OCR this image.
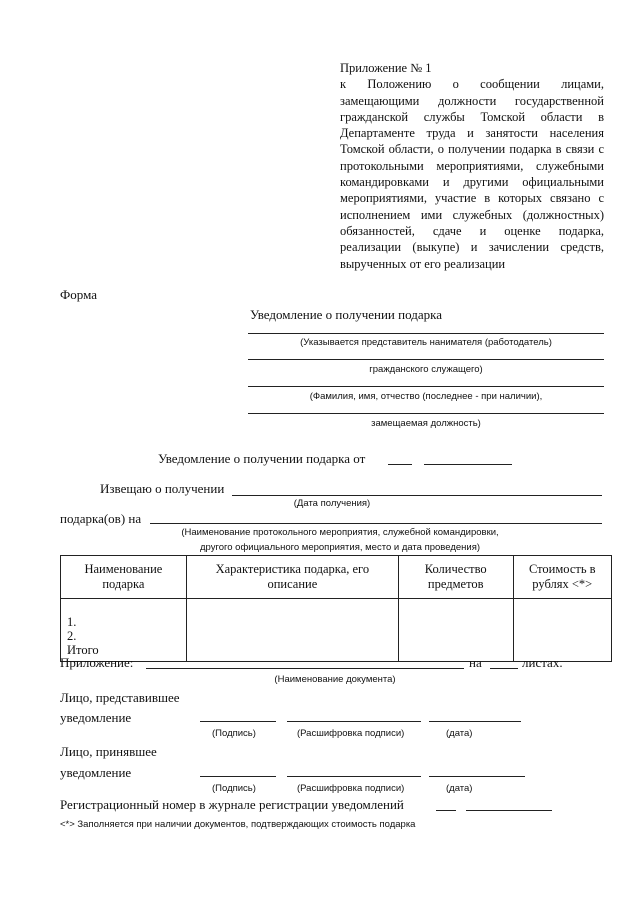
Приложение № 1

к Положению о сообщении лицами, замещающими должности государственной гражданской службы Томской области в Департаменте труда и занятости населения Томской области, о получении подарка в связи с протокольными мероприятиями, служебными командировками и другими официальными мероприятиями, участие в которых связано с исполнением ими служебных (должностных) обязанностей, сдаче и оценке подарка, реализации (выкупе) и зачислении средств, вырученных от его реализации

Форма
Уведомление о получении подарка
(Указывается представитель нанимателя (работодатель)
гражданского служащего)
(Фамилия, имя, отчество (последнее - при наличии),
замещаемая должность)
Уведомление о получении подарка от
Извещаю о получении
(Дата получения)
подарка(ов) на
(Наименование протокольного мероприятия, служебной командировки,
другого официального мероприятия, место и дата проведения)
Наименование подарка	Характеристика подарка, его описание	Количество предметов	Стоимость в рублях <*>

1.
2.
Итого			

Приложение:	на	листах.
(Наименование документа)
Лицо, представившее
уведомление
(Подпись)	(Расшифровка подписи)	(дата)
Лицо, принявшее
уведомление
(Подпись)	(Расшифровка подписи)	(дата)
Регистрационный номер в журнале регистрации уведомлений
<*> Заполняется при наличии документов, подтверждающих стоимость подарка
